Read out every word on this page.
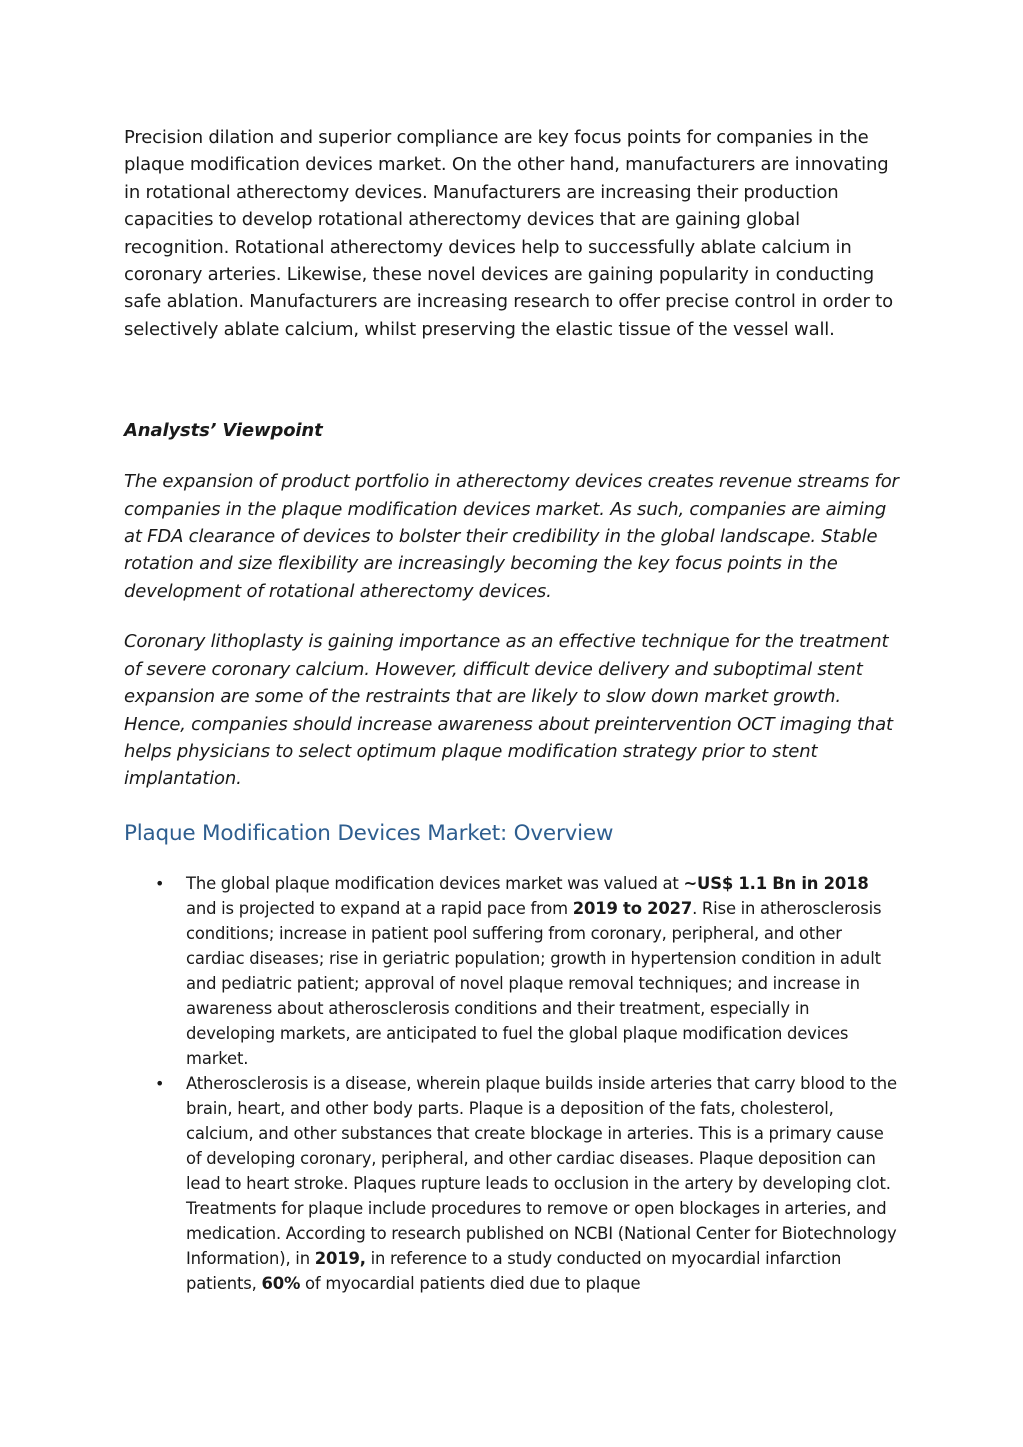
Precision dilation and superior compliance are key focus points for companies in the plaque modification devices market. On the other hand, manufacturers are innovating in rotational atherectomy devices. Manufacturers are increasing their production capacities to develop rotational atherectomy devices that are gaining global recognition. Rotational atherectomy devices help to successfully ablate calcium in coronary arteries. Likewise, these novel devices are gaining popularity in conducting safe ablation. Manufacturers are increasing research to offer precise control in order to selectively ablate calcium, whilst preserving the elastic tissue of the vessel wall.

Analysts’ Viewpoint

The expansion of product portfolio in atherectomy devices creates revenue streams for companies in the plaque modification devices market. As such, companies are aiming at FDA clearance of devices to bolster their credibility in the global landscape. Stable rotation and size flexibility are increasingly becoming the key focus points in the development of rotational atherectomy devices.

Coronary lithoplasty is gaining importance as an effective technique for the treatment of severe coronary calcium. However, difficult device delivery and suboptimal stent expansion are some of the restraints that are likely to slow down market growth. Hence, companies should increase awareness about preintervention OCT imaging that helps physicians to select optimum plaque modification strategy prior to stent implantation.

Plaque Modification Devices Market: Overview
• The global plaque modification devices market was valued at ~US$ 1.1 Bn in 2018 and is projected to expand at a rapid pace from 2019 to 2027. Rise in atherosclerosis conditions; increase in patient pool suffering from coronary, peripheral, and other cardiac diseases; rise in geriatric population; growth in hypertension condition in adult and pediatric patient; approval of novel plaque removal techniques; and increase in awareness about atherosclerosis conditions and their treatment, especially in developing markets, are anticipated to fuel the global plaque modification devices market.
• Atherosclerosis is a disease, wherein plaque builds inside arteries that carry blood to the brain, heart, and other body parts. Plaque is a deposition of the fats, cholesterol, calcium, and other substances that create blockage in arteries. This is a primary cause of developing coronary, peripheral, and other cardiac diseases. Plaque deposition can lead to heart stroke. Plaques rupture leads to occlusion in the artery by developing clot. Treatments for plaque include procedures to remove or open blockages in arteries, and medication. According to research published on NCBI (National Center for Biotechnology Information), in 2019, in reference to a study conducted on myocardial infarction patients, 60% of myocardial patients died due to plaque
